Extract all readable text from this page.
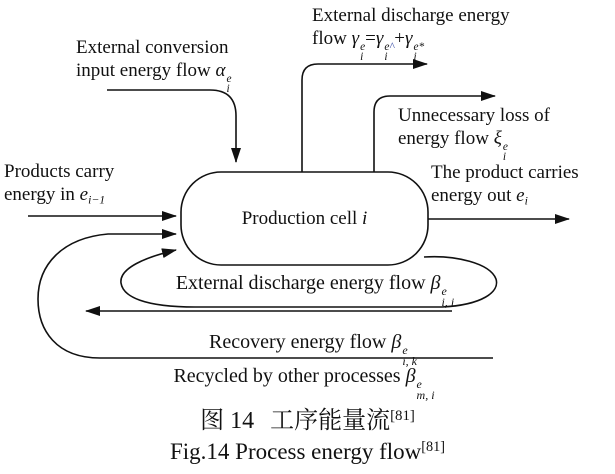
External conversion
input energy flow α e
i
External discharge energy
flow γ e
i
=γ e^
i
+γ e*
i
Unnecessary loss of
energy flow ξ e
i
Products carry
energy in $e_{i-1}$
The product carries
energy out $e_i$
Production cell i
External discharge energy flow β e
i, i
Recovery energy flow β e
i, k
Recycled by other processes β e
m, i
图 14 工序能量流[81]
Fig.14 Process energy flow[81]
